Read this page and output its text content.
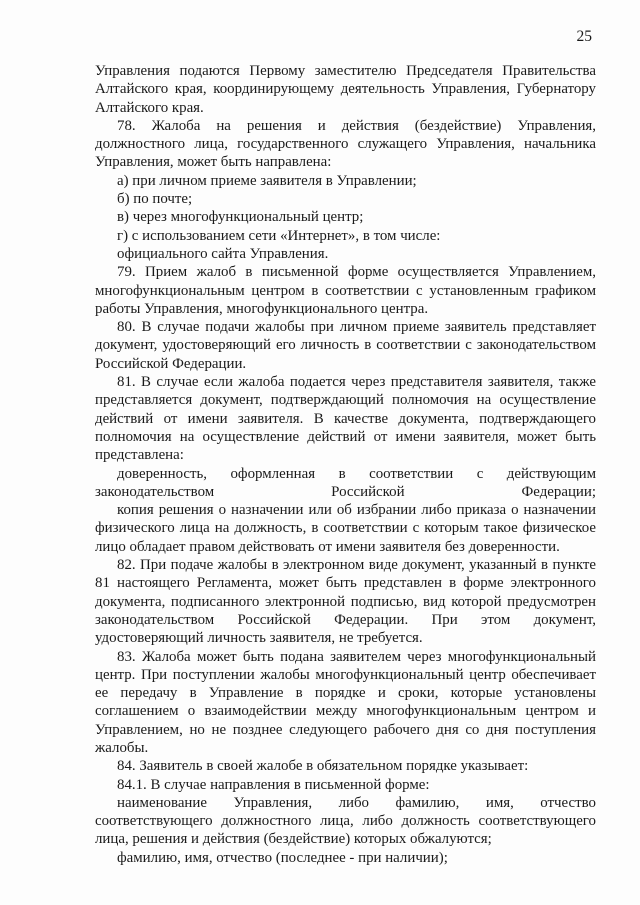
25

Управления подаются Первому заместителю Председателя Правительства Алтайского края, координирующему деятельность Управления, Губернатору Алтайского края.

78. Жалоба на решения и действия (бездействие) Управления, должностного лица, государственного служащего Управления, начальника Управления, может быть направлена:

а) при личном приеме заявителя в Управлении;

б) по почте;

в) через многофункциональный центр;

г) с использованием сети «Интернет», в том числе:

официального сайта Управления.

79. Прием жалоб в письменной форме осуществляется Управлением, многофункциональным центром в соответствии с установленным графиком работы Управления, многофункционального центра.

80. В случае подачи жалобы при личном приеме заявитель представляет документ, удостоверяющий его личность в соответствии с законодательством Российской Федерации.

81. В случае если жалоба подается через представителя заявителя, также представляется документ, подтверждающий полномочия на осуществление действий от имени заявителя. В качестве документа, подтверждающего полномочия на осуществление действий от имени заявителя, может быть представлена:

доверенность, оформленная в соответствии с действующим законодательством Российской Федерации;

копия решения о назначении или об избрании либо приказа о назначении физического лица на должность, в соответствии с которым такое физическое лицо обладает правом действовать от имени заявителя без доверенности.

82. При подаче жалобы в электронном виде документ, указанный в пункте 81 настоящего Регламента, может быть представлен в форме электронного документа, подписанного электронной подписью, вид которой предусмотрен законодательством Российской Федерации. При этом документ, удостоверяющий личность заявителя, не требуется.

83. Жалоба может быть подана заявителем через многофункциональный центр. При поступлении жалобы многофункциональный центр обеспечивает ее передачу в Управление в порядке и сроки, которые установлены соглашением о взаимодействии между многофункциональным центром и Управлением, но не позднее следующего рабочего дня со дня поступления жалобы.

84. Заявитель в своей жалобе в обязательном порядке указывает:

84.1. В случае направления в письменной форме:

наименование Управления, либо фамилию, имя, отчество соответствующего должностного лица, либо должность соответствующего лица, решения и действия (бездействие) которых обжалуются;

фамилию, имя, отчество (последнее - при наличии);
